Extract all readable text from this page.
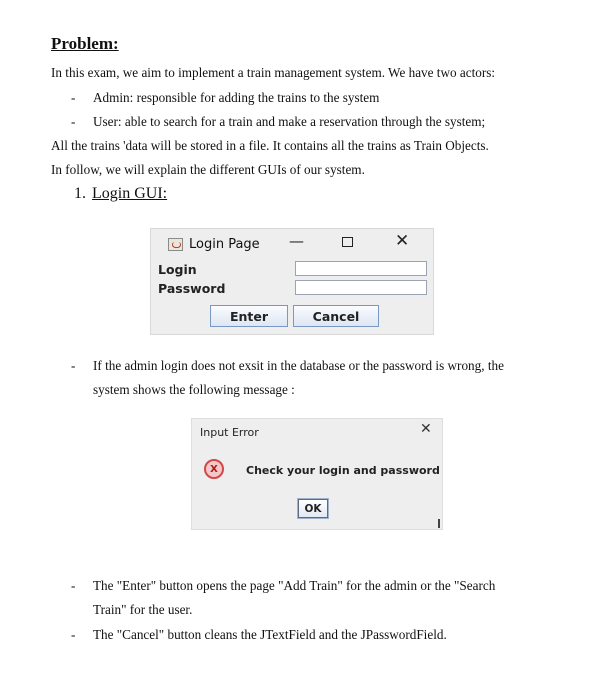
Problem:
In this exam, we aim to implement a train management system. We have two actors:
- Admin: responsible for adding the trains to the system
- User: able to search for a train and make a reservation through the system;
All the trains 'data will be stored in a file. It contains all the trains as Train Objects.
In follow, we will explain the different GUIs of our system.
1. Login GUI:
Login Page —	✕
Login
Password
Enter	Cancel
- If the admin login does not exsit in the database or the password is wrong, the
system shows the following message :
Input Error	✕
X	Check your login and password
OK
- The "Enter" button opens the page "Add Train" for the admin or the "Search
Train" for the user.
- The "Cancel" button cleans the JTextField and the JPasswordField.
